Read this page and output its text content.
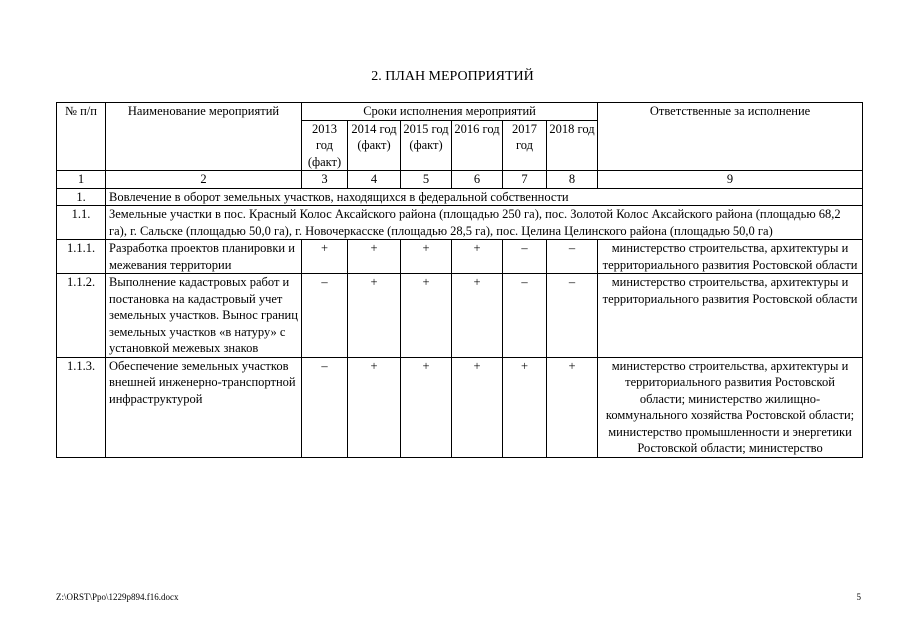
2. ПЛАН МЕРОПРИЯТИЙ
№ п/п	Наименование мероприятий	Сроки исполнения мероприятий						Ответственные за исполнение
		2013 год (факт)	2014 год (факт)	2015 год (факт)	2016 год	2017 год	2018 год	
1	2	3	4	5	6	7	8	9
1.	Вовлечение в оборот земельных участков, находящихся в федеральной собственности							
1.1.	Земельные участки в пос. Красный Колос Аксайского района (площадью 250 га), пос. Золотой Колос Аксайского района (площадью 68,2 га), г. Сальске (площадью 50,0 га), г. Новочеркасске (площадью 28,5 га), пос. Целина Целинского района (площадью 50,0 га)							
1.1.1.	Разработка проектов планировки и межевания территории	+	+	+	+	–	–	министерство строительства, архитектуры и территориального развития Ростовской области
1.1.2.	Выполнение кадастровых работ и постановка на кадастровый учет земельных участков. Вынос границ земельных участков «в натуру» с установкой межевых знаков	–	+	+	+	–	–	министерство строительства, архитектуры и территориального развития Ростовской области
1.1.3.	Обеспечение земельных участков внешней инженерно-транспортной инфраструктурой	–	+	+	+	+	+	министерство строительства, архитектуры и территориального развития Ростовской области; министерство жилищно-коммунального хозяйства Ростовской области; министерство промышленности и энергетики Ростовской области; министерство
Z:\ORST\Ppo\1229p894.f16.docx	5
